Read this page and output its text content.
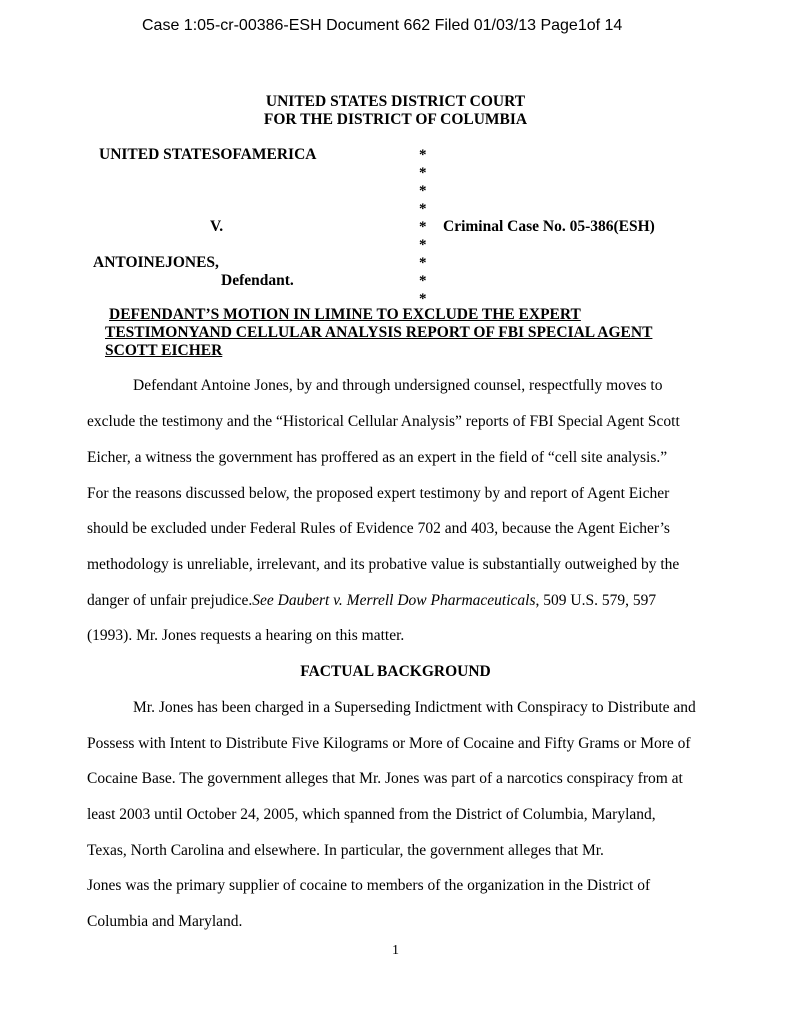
Case 1:05-cr-00386-ESH Document 662 Filed 01/03/13 Page1of 14
UNITED STATES DISTRICT COURT
FOR THE DISTRICT OF COLUMBIA
UNITED STATESOFAMERICA
V.	Criminal Case No. 05-386(ESH)
ANTOINEJONES,
Defendant.
*
*
*
*
*
*
*
*
*
DEFENDANT’S MOTION IN LIMINE TO EXCLUDE THE EXPERT
TESTIMONYAND CELLULAR ANALYSIS REPORT OF FBI SPECIAL AGENT
SCOTT EICHER
Defendant Antoine Jones, by and through undersigned counsel, respectfully moves to
exclude the testimony and the “Historical Cellular Analysis” reports of FBI Special Agent Scott
Eicher, a witness the government has proffered as an expert in the field of “cell site analysis.”
For the reasons discussed below, the proposed expert testimony by and report of Agent Eicher
should be excluded under Federal Rules of Evidence 702 and 403, because the Agent Eicher’s
methodology is unreliable, irrelevant, and its probative value is substantially outweighed by the
danger of unfair prejudice.See Daubert v. Merrell Dow Pharmaceuticals, 509 U.S. 579, 597
(1993). Mr. Jones requests a hearing on this matter.
FACTUAL BACKGROUND
Mr. Jones has been charged in a Superseding Indictment with Conspiracy to Distribute and
Possess with Intent to Distribute Five Kilograms or More of Cocaine and Fifty Grams or More of
Cocaine Base. The government alleges that Mr. Jones was part of a narcotics conspiracy from at
least 2003 until October 24, 2005, which spanned from the District of Columbia, Maryland,
Texas, North Carolina and elsewhere. In particular, the government alleges that Mr.
Jones was the primary supplier of cocaine to members of the organization in the District of
Columbia and Maryland.
1
